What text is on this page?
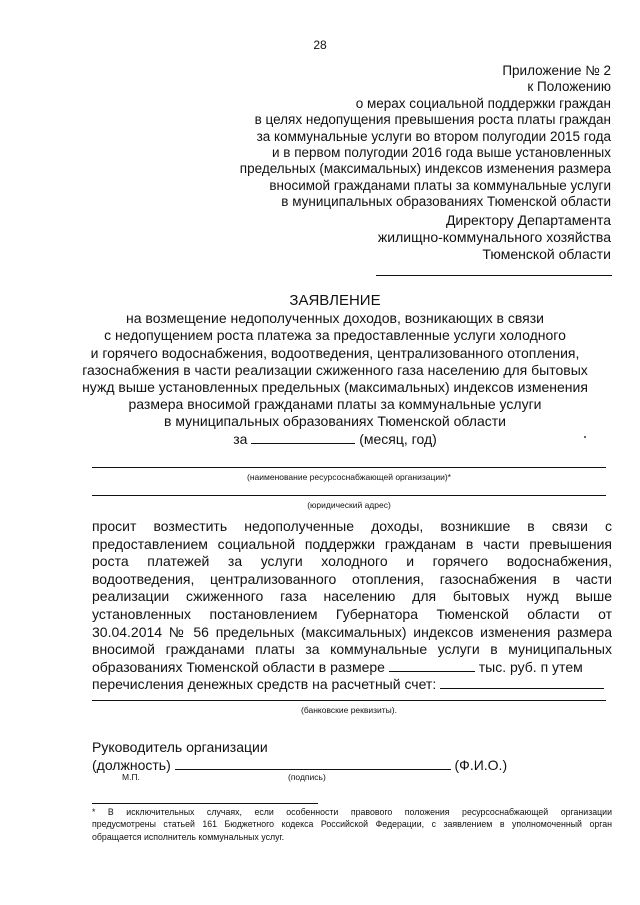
28
Приложение № 2
к Положению
о мерах социальной поддержки граждан
в целях недопущения превышения роста платы граждан
за коммунальные услуги во втором полугодии 2015 года
и в первом полугодии 2016 года выше установленных
предельных (максимальных) индексов изменения размера
вносимой гражданами платы за коммунальные услуги
в муниципальных образованиях Тюменской области
Директору Департамента
жилищно-коммунального хозяйства
Тюменской области
ЗАЯВЛЕНИЕ
на возмещение недополученных доходов, возникающих в связи
с недопущением роста платежа за предоставленные услуги холодного
и горячего водоснабжения, водоотведения, централизованного отопления,
газоснабжения в части реализации сжиженного газа населению для бытовых
нужд выше установленных предельных (максимальных) индексов изменения
размера вносимой гражданами платы за коммунальные услуги
в муниципальных образованиях Тюменской области
за	(месяц, год)
(наименование ресурсоснабжающей организации)*
(юридический адрес)
просит возместить недополученные доходы, возникшие в связи с
предоставлением социальной поддержки гражданам в части превышения
роста платежей за услуги холодного и горячего водоснабжения,
водоотведения, централизованного отопления, газоснабжения в части
реализации сжиженного газа населению для бытовых нужд выше
установленных постановлением Губернатора Тюменской области от
30.04.2014 № 56 предельных (максимальных) индексов изменения размера
вносимой гражданами платы за коммунальные услуги в муниципальных
образованиях Тюменской области в размере	тыс. руб. п утем
перечисления денежных средств на расчетный счет:
(банковские реквизиты).
Руководитель организации
(должность)	(Ф.И.О.)
М.П.	(подпись)
* В исключительных случаях, если особенности правового положения ресурсоснабжающей организации
предусмотрены статьей 161 Бюджетного кодекса Российской Федерации, с заявлением в уполномоченный орган
обращается исполнитель коммунальных услуг.
